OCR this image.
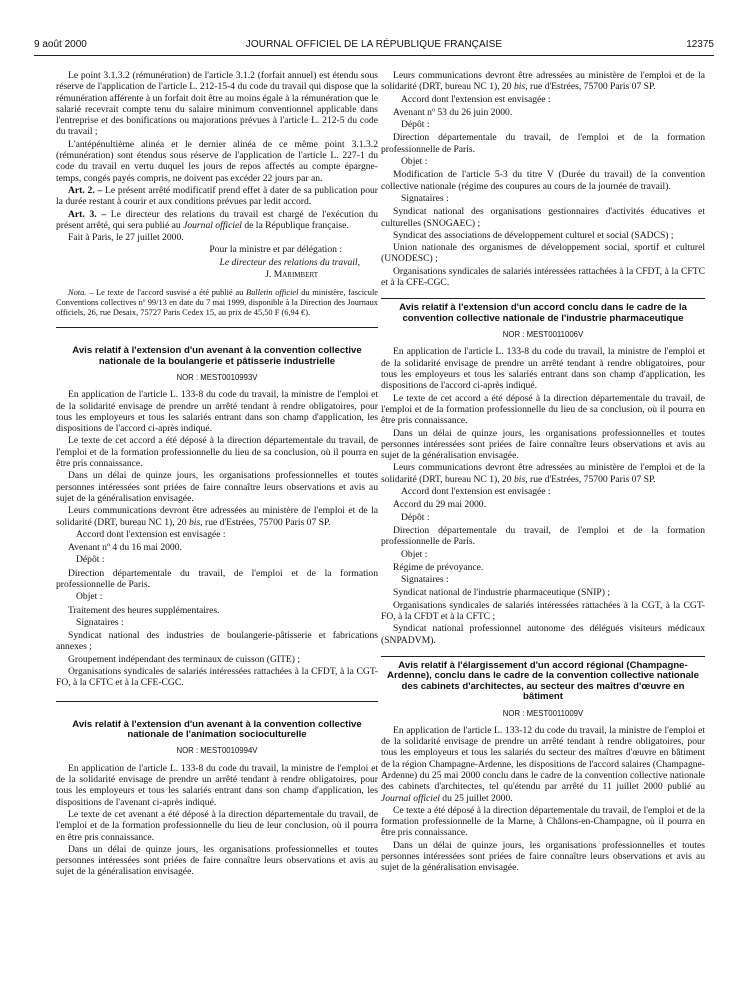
9 août 2000	JOURNAL OFFICIEL DE LA RÉPUBLIQUE FRANÇAISE	12375

Le point 3.1.3.2 (rémunération) de l'article 3.1.2 (forfait annuel) est étendu sous réserve de l'application de l'article L. 212-15-4 du code du travail qui dispose que la rémunération afférente à un forfait doit être au moins égale à la rémunération que le salarié recevrait compte tenu du salaire minimum conventionnel applicable dans l'entreprise et des bonifications ou majorations prévues à l'article L. 212-5 du code du travail ;

L'antépénultième alinéa et le dernier alinéa de ce même point 3.1.3.2 (rémunération) sont étendus sous réserve de l'application de l'article L. 227-1 du code du travail en vertu duquel les jours de repos affectés au compte épargne-temps, congés payés compris, ne doivent pas excéder 22 jours par an.

Art. 2. – Le présent arrêté modificatif prend effet à dater de sa publication pour la durée restant à courir et aux conditions prévues par ledit accord.

Art. 3. – Le directeur des relations du travail est chargé de l'exécution du présent arrêté, qui sera publié au Journal officiel de la République française.

Fait à Paris, le 27 juillet 2000.

Pour la ministre et par délégation :

Le directeur des relations du travail,

J. Marimbert

Nota. – Le texte de l'accord susvisé a été publié au Bulletin officiel du ministère, fascicule Conventions collectives nº 99/13 en date du 7 mai 1999, disponible à la Direction des Journaux officiels, 26, rue Desaix, 75727 Paris Cedex 15, au prix de 45,50 F (6,94 €).

Avis relatif à l'extension d'un avenant à la convention collective nationale de la boulangerie et pâtisserie industrielle
NOR : MEST0010993V

En application de l'article L. 133-8 du code du travail, la ministre de l'emploi et de la solidarité envisage de prendre un arrêté tendant à rendre obligatoires, pour tous les employeurs et tous les salariés entrant dans son champ d'application, les dispositions de l'accord ci-après indiqué.

Le texte de cet accord a été déposé à la direction départementale du travail, de l'emploi et de la formation professionnelle du lieu de sa conclusion, où il pourra en être pris connaissance.

Dans un délai de quinze jours, les organisations professionnelles et toutes personnes intéressées sont priées de faire connaître leurs observations et avis au sujet de la généralisation envisagée.

Leurs communications devront être adressées au ministère de l'emploi et de la solidarité (DRT, bureau NC 1), 20 bis, rue d'Estrées, 75700 Paris 07 SP.

Accord dont l'extension est envisagée :

Avenant nº 4 du 16 mai 2000.

Dépôt :

Direction départementale du travail, de l'emploi et de la formation professionnelle de Paris.

Objet :

Traitement des heures supplémentaires.

Signataires :

Syndicat national des industries de boulangerie-pâtisserie et fabrications annexes ;

Groupement indépendant des terminaux de cuisson (GITE) ;

Organisations syndicales de salariés intéressées rattachées à la CFDT, à la CGT-FO, à la CFTC et à la CFE-CGC.

Avis relatif à l'extension d'un avenant à la convention collective nationale de l'animation socioculturelle
NOR : MEST0010994V

En application de l'article L. 133-8 du code du travail, la ministre de l'emploi et de la solidarité envisage de prendre un arrêté tendant à rendre obligatoires, pour tous les employeurs et tous les salariés entrant dans son champ d'application, les dispositions de l'avenant ci-après indiqué.

Le texte de cet avenant a été déposé à la direction départementale du travail, de l'emploi et de la formation professionnelle du lieu de leur conclusion, où il pourra en être pris connaissance.

Dans un délai de quinze jours, les organisations professionnelles et toutes personnes intéressées sont priées de faire connaître leurs observations et avis au sujet de la généralisation envisagée.

Leurs communications devront être adressées au ministère de l'emploi et de la solidarité (DRT, bureau NC 1), 20 bis, rue d'Estrées, 75700 Paris 07 SP.

Accord dont l'extension est envisagée :

Avenant nº 53 du 26 juin 2000.

Dépôt :

Direction départementale du travail, de l'emploi et de la formation professionnelle de Paris.

Objet :

Modification de l'article 5-3 du titre V (Durée du travail) de la convention collective nationale (régime des coupures au cours de la journée de travail).

Signataires :

Syndicat national des organisations gestionnaires d'activités éducatives et culturelles (SNOGAEC) ;

Syndicat des associations de développement culturel et social (SADCS) ;

Union nationale des organismes de développement social, sportif et culturel (UNODESC) ;

Organisations syndicales de salariés intéressées rattachées à la CFDT, à la CFTC et à la CFE-CGC.

Avis relatif à l'extension d'un accord conclu dans le cadre de la convention collective nationale de l'industrie pharmaceutique
NOR : MEST0011006V

En application de l'article L. 133-8 du code du travail, la ministre de l'emploi et de la solidarité envisage de prendre un arrêté tendant à rendre obligatoires, pour tous les employeurs et tous les salariés entrant dans son champ d'application, les dispositions de l'accord ci-après indiqué.

Le texte de cet accord a été déposé à la direction départementale du travail, de l'emploi et de la formation professionnelle du lieu de sa conclusion, où il pourra en être pris connaissance.

Dans un délai de quinze jours, les organisations professionnelles et toutes personnes intéressées sont priées de faire connaître leurs observations et avis au sujet de la généralisation envisagée.

Leurs communications devront être adressées au ministère de l'emploi et de la solidarité (DRT, bureau NC 1), 20 bis, rue d'Estrées, 75700 Paris 07 SP.

Accord dont l'extension est envisagée :

Accord du 29 mai 2000.

Dépôt :

Direction départementale du travail, de l'emploi et de la formation professionnelle de Paris.

Objet :

Régime de prévoyance.

Signataires :

Syndicat national de l'industrie pharmaceutique (SNIP) ;

Organisations syndicales de salariés intéressées rattachées à la CGT, à la CGT-FO, à la CFDT et à la CFTC ;

Syndicat national professionnel autonome des délégués visiteurs médicaux (SNPADVM).

Avis relatif à l'élargissement d'un accord régional (Champagne-Ardenne), conclu dans le cadre de la convention collective nationale des cabinets d'architectes, au secteur des maîtres d'œuvre en bâtiment
NOR : MEST0011009V

En application de l'article L. 133-12 du code du travail, la ministre de l'emploi et de la solidarité envisage de prendre un arrêté tendant à rendre obligatoires, pour tous les employeurs et tous les salariés du secteur des maîtres d'œuvre en bâtiment de la région Champagne-Ardenne, les dispositions de l'accord salaires (Champagne-Ardenne) du 25 mai 2000 conclu dans le cadre de la convention collective nationale des cabinets d'architectes, tel qu'étendu par arrêté du 11 juillet 2000 publié au Journal officiel du 25 juillet 2000.

Ce texte a été déposé à la direction départementale du travail, de l'emploi et de la formation professionnelle de la Marne, à Châlons-en-Champagne, où il pourra en être pris connaissance.

Dans un délai de quinze jours, les organisations professionnelles et toutes personnes intéressées sont priées de faire connaître leurs observations et avis au sujet de la généralisation envisagée.
